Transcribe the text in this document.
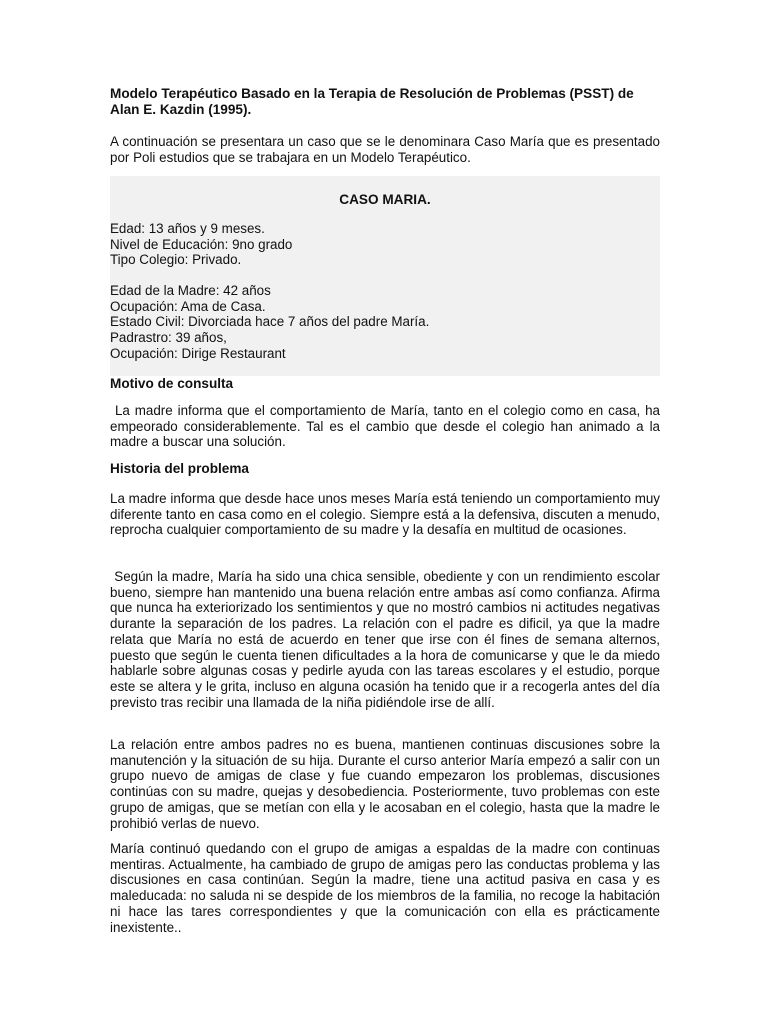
Modelo Terapéutico Basado en la Terapia de Resolución de Problemas (PSST) de Alan E. Kazdin (1995).
A continuación se presentara un caso que se le denominara Caso María que es presentado por Poli estudios que se trabajara en un Modelo Terapéutico.
CASO MARIA.
Edad: 13 años y 9 meses.
Nivel de Educación: 9no grado
Tipo Colegio: Privado.
Edad de la Madre: 42 años
Ocupación: Ama de Casa.
Estado Civil: Divorciada hace 7 años del padre María.
Padrastro: 39 años,
Ocupación: Dirige Restaurant
Motivo de consulta
La madre informa que el comportamiento de María, tanto en el colegio como en casa, ha empeorado considerablemente. Tal es el cambio que desde el colegio han animado a la madre a buscar una solución.
Historia del problema
La madre informa que desde hace unos meses María está teniendo un comportamiento muy diferente tanto en casa como en el colegio. Siempre está a la defensiva, discuten a menudo, reprocha cualquier comportamiento de su madre y la desafía en multitud de ocasiones.
Según la madre, María ha sido una chica sensible, obediente y con un rendimiento escolar bueno, siempre han mantenido una buena relación entre ambas así como confianza. Afirma que nunca ha exteriorizado los sentimientos y que no mostró cambios ni actitudes negativas durante la separación de los padres. La relación con el padre es dificil, ya que la madre relata que María no está de acuerdo en tener que irse con él fines de semana alternos, puesto que según le cuenta tienen dificultades a la hora de comunicarse y que le da miedo hablarle sobre algunas cosas y pedirle ayuda con las tareas escolares y el estudio, porque este se altera y le grita, incluso en alguna ocasión ha tenido que ir a recogerla antes del día previsto tras recibir una llamada de la niña pidiéndole irse de allí.
La relación entre ambos padres no es buena, mantienen continuas discusiones sobre la manutención y la situación de su hija. Durante el curso anterior María empezó a salir con un grupo nuevo de amigas de clase y fue cuando empezaron los problemas, discusiones continúas con su madre, quejas y desobediencia. Posteriormente, tuvo problemas con este grupo de amigas, que se metían con ella y le acosaban en el colegio, hasta que la madre le prohibió verlas de nuevo.
María continuó quedando con el grupo de amigas a espaldas de la madre con continuas mentiras. Actualmente, ha cambiado de grupo de amigas pero las conductas problema y las discusiones en casa continúan. Según la madre, tiene una actitud pasiva en casa y es maleducada: no saluda ni se despide de los miembros de la familia, no recoge la habitación ni hace las tares correspondientes y que la comunicación con ella es prácticamente inexistente..
